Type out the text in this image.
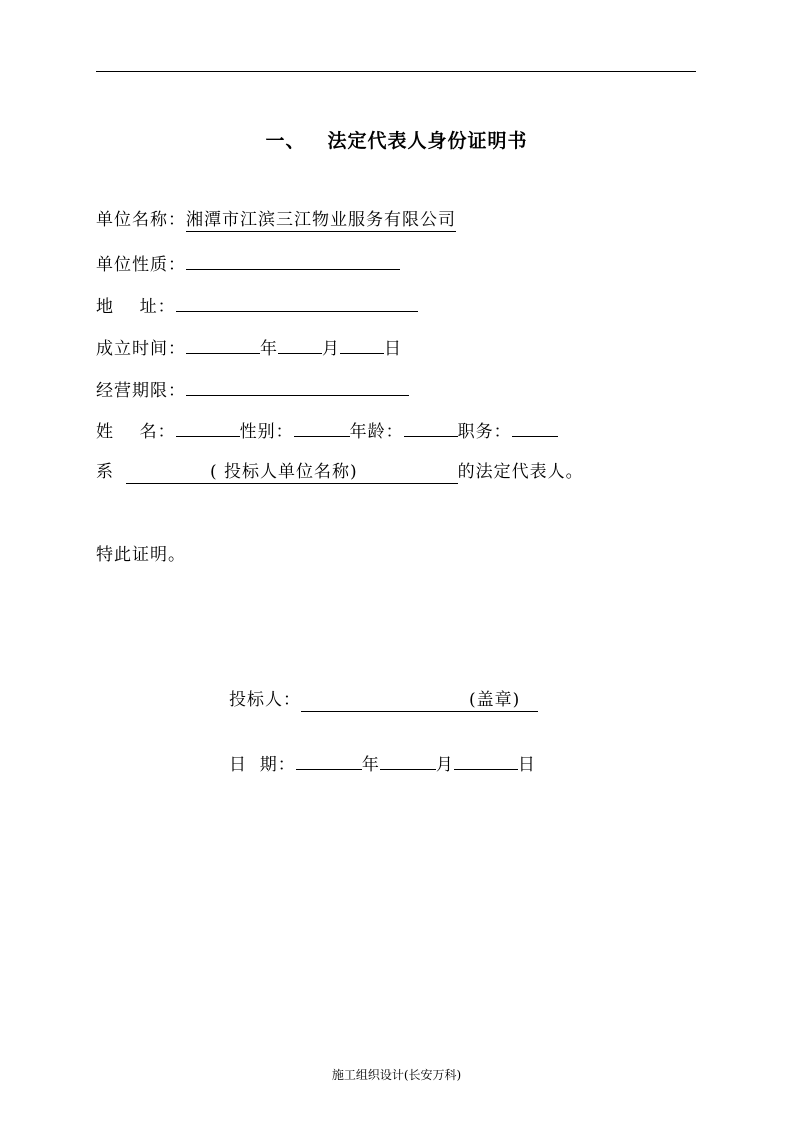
一、 法定代表人身份证明书
单位名称：湘潭市江滨三江物业服务有限公司
单位性质：
地    址：
成立时间：	年	月	日
经营期限：
姓    名：	性别：	年龄：	职务：
系	( 投标人单位名称)	的法定代表人。
特此证明。
投标人：	(盖章)
日  期：	年	月	日
施工组织设计(长安万科)
